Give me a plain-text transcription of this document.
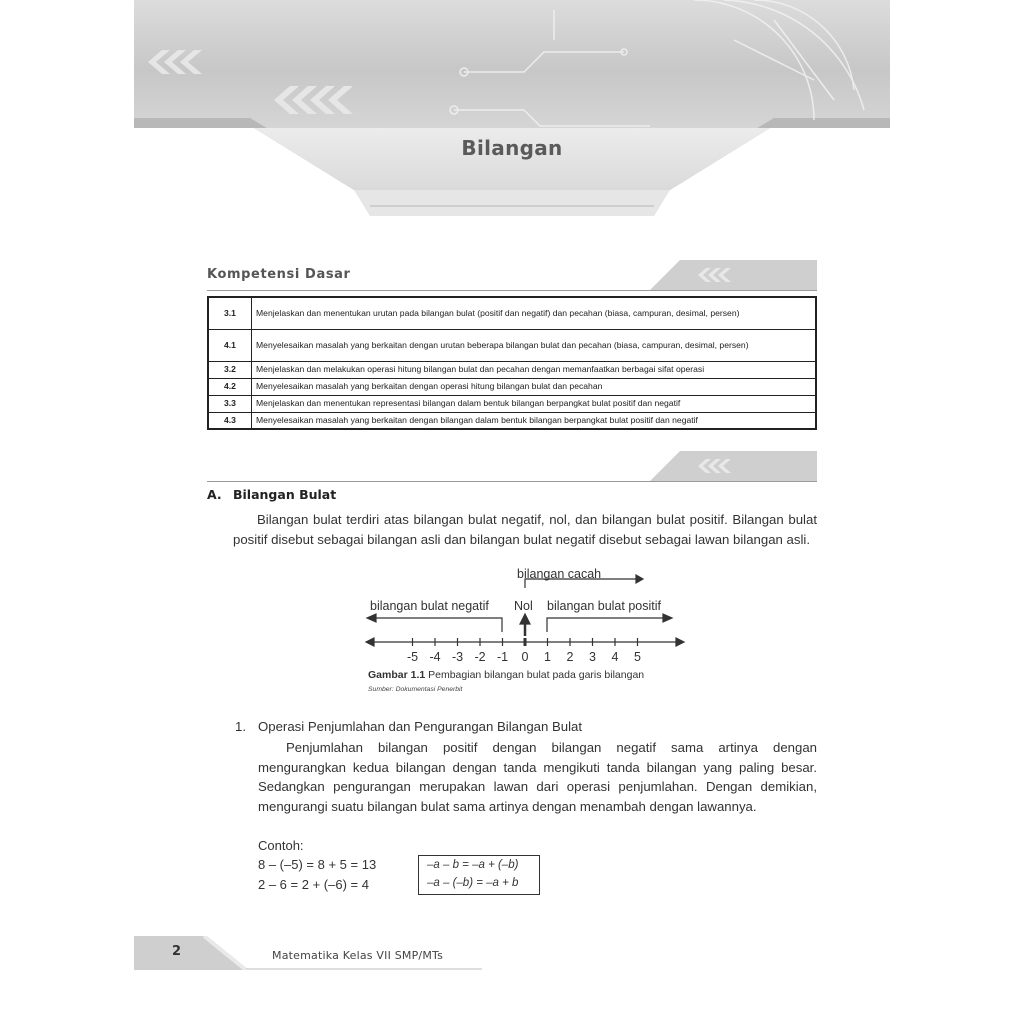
Bilangan
Kompetensi Dasar
3.1	Menjelaskan dan menentukan urutan pada bilangan bulat (positif dan negatif) dan pecahan (biasa, campuran, desimal, persen)
4.1	Menyelesaikan masalah yang berkaitan dengan urutan beberapa bilangan bulat dan pecahan (biasa, campuran, desimal, persen)
3.2	Menjelaskan dan melakukan operasi hitung bilangan bulat dan pecahan dengan memanfaatkan berbagai sifat operasi
4.2	Menyelesaikan masalah yang berkaitan dengan operasi hitung bilangan bulat dan pecahan
3.3	Menjelaskan dan menentukan representasi bilangan dalam bentuk bilangan berpangkat bulat positif dan negatif
4.3	Menyelesaikan masalah yang berkaitan dengan bilangan dalam bentuk bilangan berpangkat bulat positif dan negatif
A. Bilangan Bulat
Bilangan bulat terdiri atas bilangan bulat negatif, nol, dan bilangan bulat positif. Bilangan bulat positif disebut sebagai bilangan asli dan bilangan bulat negatif disebut sebagai lawan bilangan asli.
-5 -4 -3 -2 -1 0 1 2 3 4 5
bilangan cacah
bilangan bulat negatif Nol bilangan bulat positif
Gambar 1.1 Pembagian bilangan bulat pada garis bilangan
Sumber: Dokumentasi Penerbit
1. Operasi Penjumlahan dan Pengurangan Bilangan Bulat
Penjumlahan bilangan positif dengan bilangan negatif sama artinya dengan mengurangkan kedua bilangan dengan tanda mengikuti tanda bilangan yang paling besar. Sedangkan pengurangan merupakan lawan dari operasi penjumlahan. Dengan demikian, mengurangi suatu bilangan bulat sama artinya dengan menambah dengan lawannya.
Contoh:
8 – (–5) = 8 + 5 = 13
2 – 6 = 2 + (–6) = 4
–a – b = –a + (–b)
–a – (–b) = –a + b
2	Matematika Kelas VII SMP/MTs
